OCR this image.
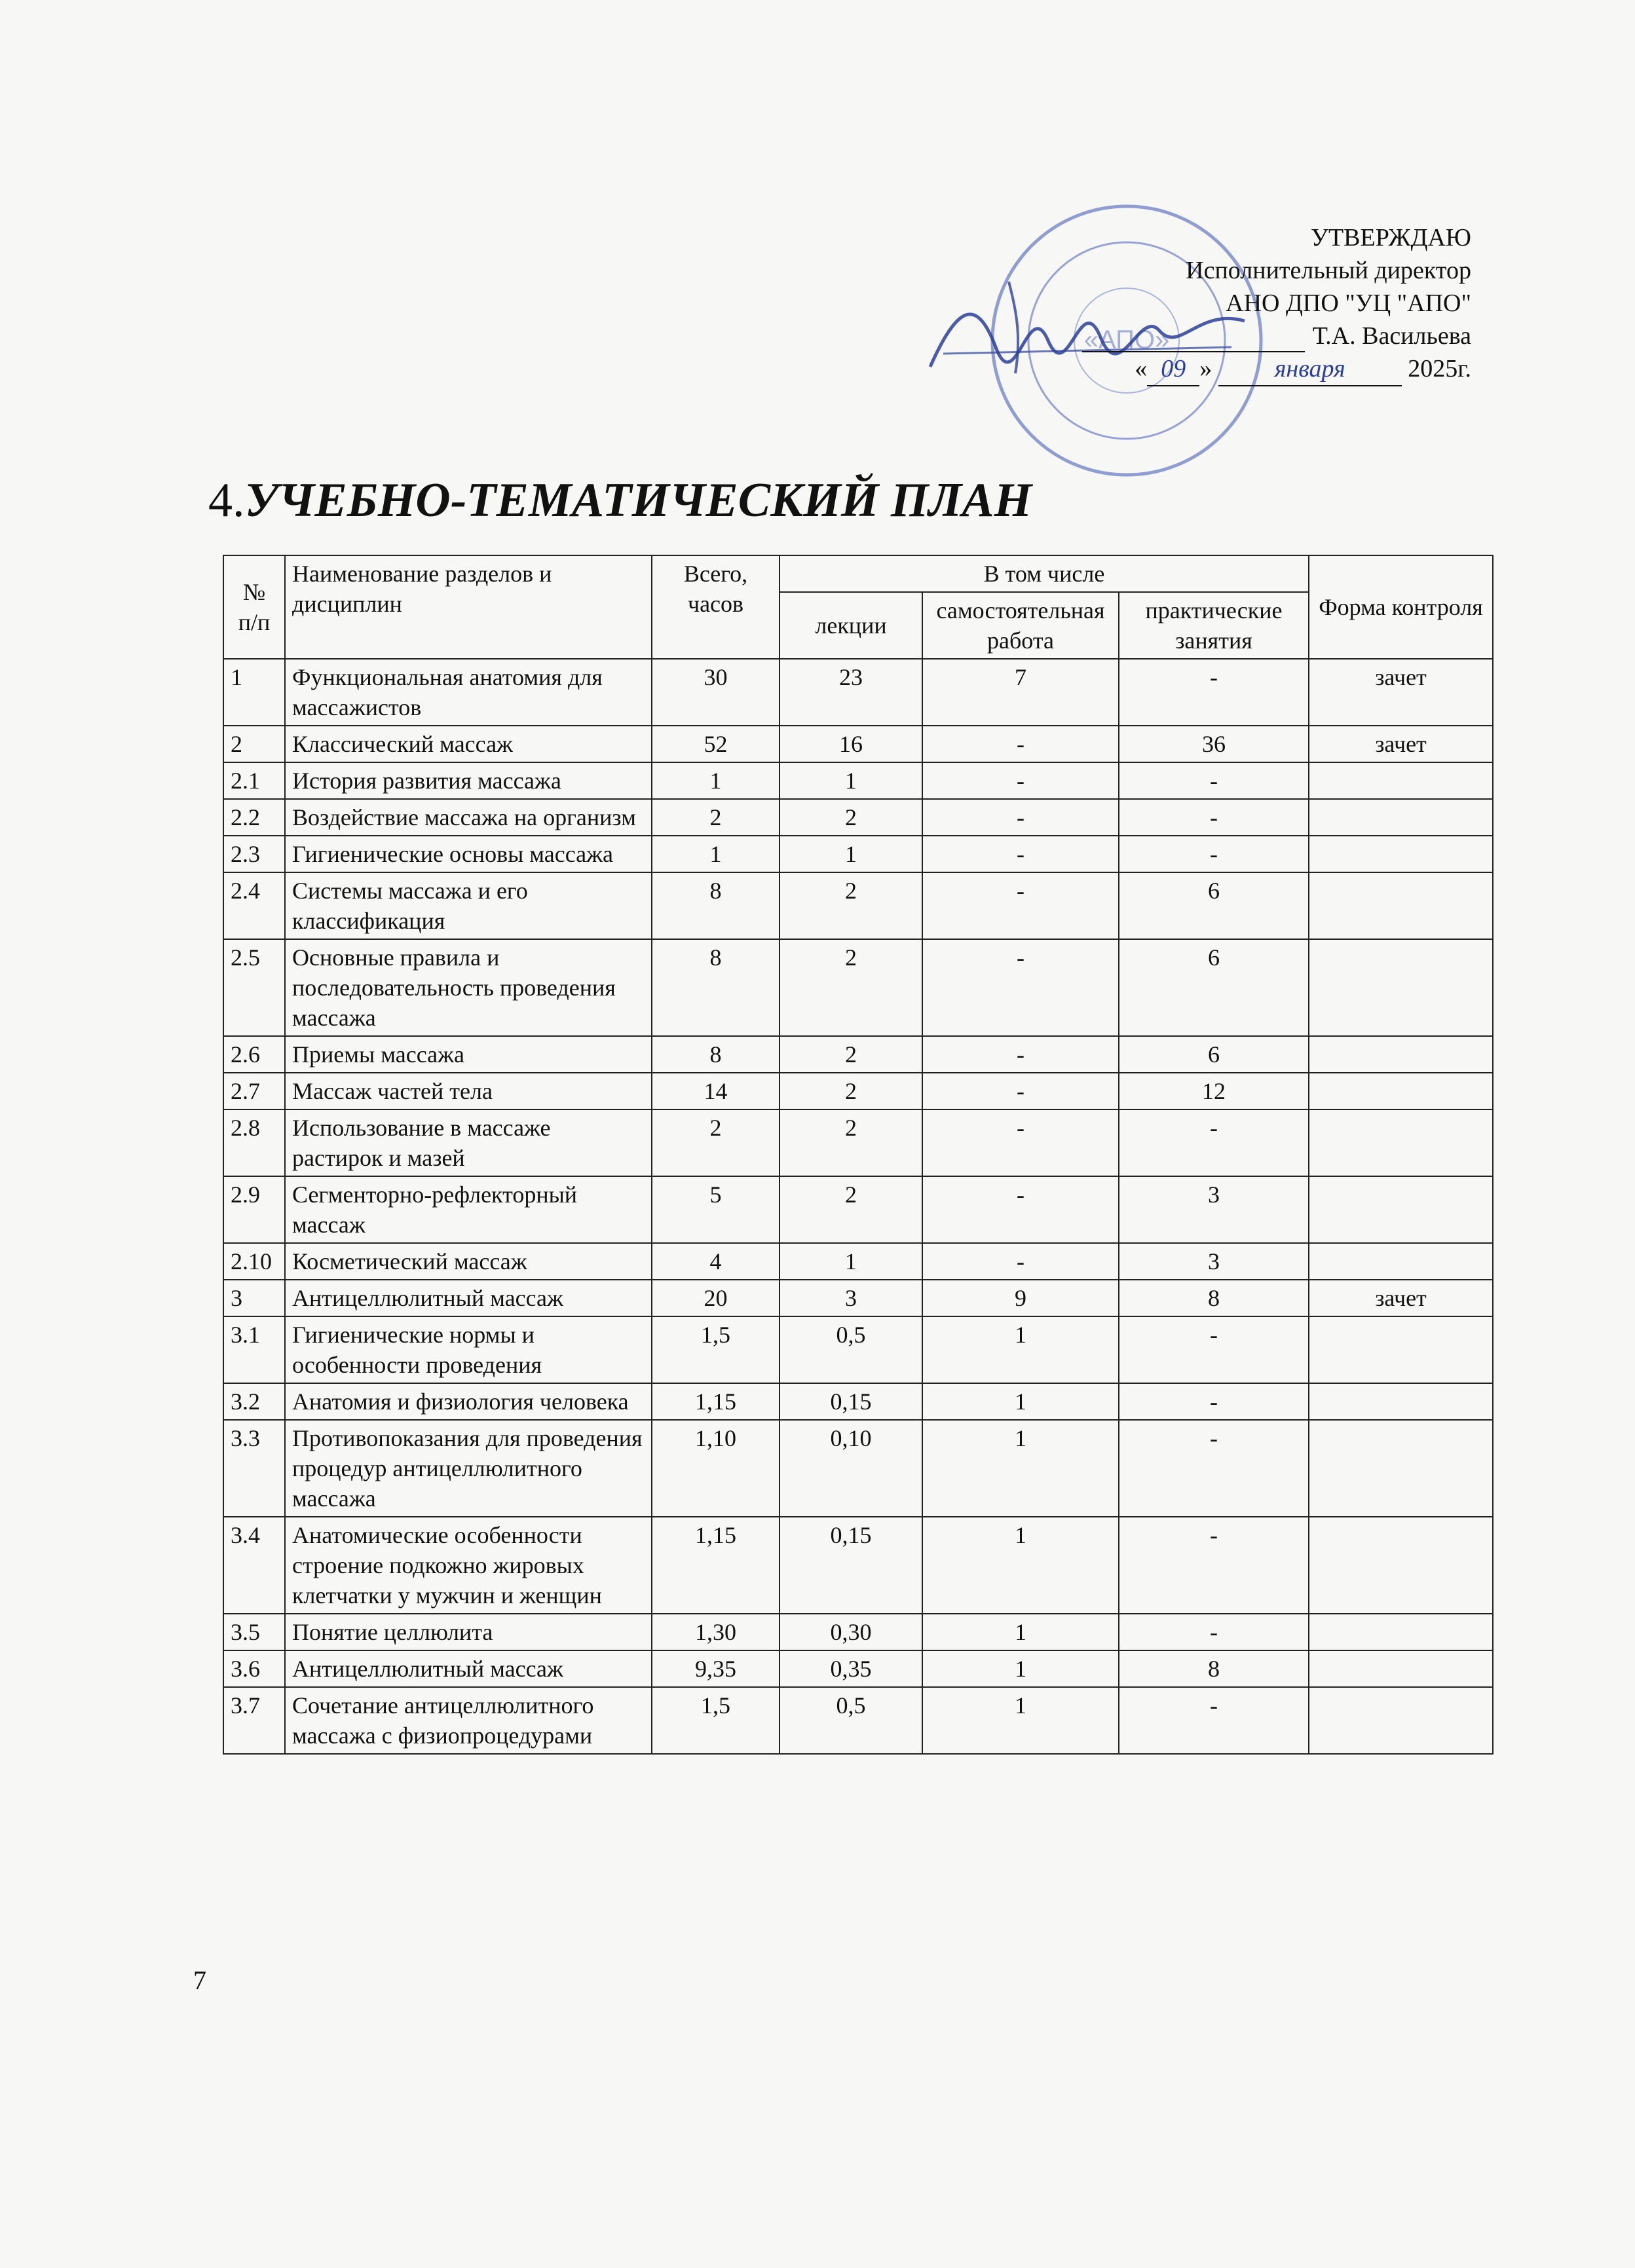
«АПО»
УТВЕРЖДАЮ
Исполнительный директор
АНО ДПО "УЦ "АПО"
Т.А. Васильева
« 09 »	января	2025г.
4.УЧЕБНО-ТЕМАТИЧЕСКИЙ ПЛАН
№ п/п	Наименование разделов и дисциплин	Всего, часов	В том числе			Форма контроля
			лекции	самостоятельная работа	практические занятия	
1	Функциональная анатомия для массажистов	30	23	7	-	зачет
2	Классический массаж	52	16	-	36	зачет
2.1	История развития массажа	1	1	-	-	
2.2	Воздействие массажа на организм	2	2	-	-	
2.3	Гигиенические основы массажа	1	1	-	-	
2.4	Системы массажа и его классификация	8	2	-	6	
2.5	Основные правила и последовательность проведения массажа	8	2	-	6	
2.6	Приемы массажа	8	2	-	6	
2.7	Массаж частей тела	14	2	-	12	
2.8	Использование в массаже растирок и мазей	2	2	-	-	
2.9	Сегменторно-рефлекторный массаж	5	2	-	3	
2.10	Косметический массаж	4	1	-	3	
3	Антицеллюлитный массаж	20	3	9	8	зачет
3.1	Гигиенические нормы и особенности проведения	1,5	0,5	1	-	
3.2	Анатомия и физиология человека	1,15	0,15	1	-	
3.3	Противопоказания для проведения процедур антицеллюлитного массажа	1,10	0,10	1	-	
3.4	Анатомические особенности строение подкожно жировых клетчатки у мужчин и женщин	1,15	0,15	1	-	
3.5	Понятие целлюлита	1,30	0,30	1	-	
3.6	Антицеллюлитный массаж	9,35	0,35	1	8	
3.7	Сочетание антицеллюлитного массажа с физиопроцедурами	1,5	0,5	1	-	
7
